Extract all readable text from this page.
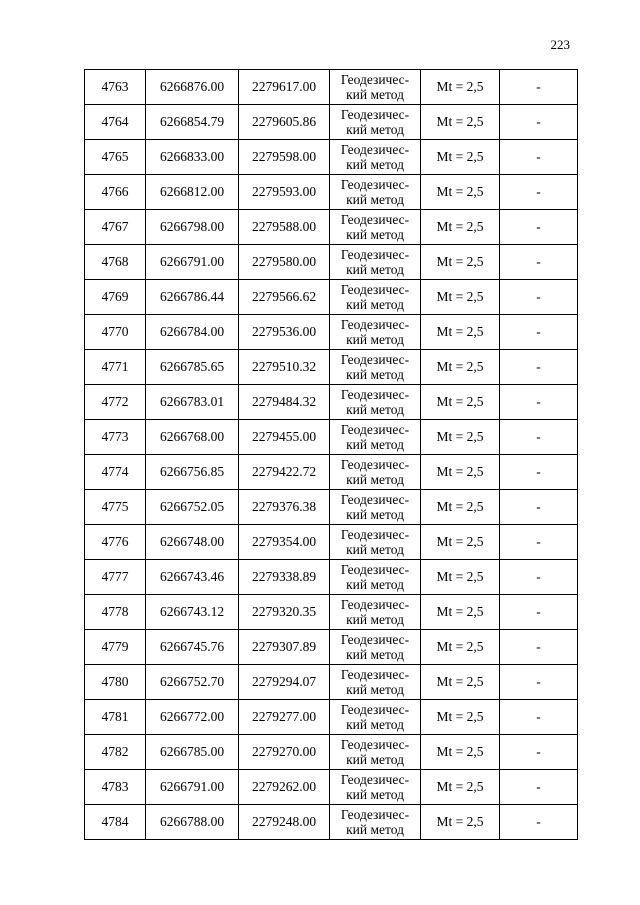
223
4763	6266876.00	2279617.00	Геодезичес-
кий метод	Mt = 2,5	-
4764	6266854.79	2279605.86	Геодезичес-
кий метод	Mt = 2,5	-
4765	6266833.00	2279598.00	Геодезичес-
кий метод	Mt = 2,5	-
4766	6266812.00	2279593.00	Геодезичес-
кий метод	Mt = 2,5	-
4767	6266798.00	2279588.00	Геодезичес-
кий метод	Mt = 2,5	-
4768	6266791.00	2279580.00	Геодезичес-
кий метод	Mt = 2,5	-
4769	6266786.44	2279566.62	Геодезичес-
кий метод	Mt = 2,5	-
4770	6266784.00	2279536.00	Геодезичес-
кий метод	Mt = 2,5	-
4771	6266785.65	2279510.32	Геодезичес-
кий метод	Mt = 2,5	-
4772	6266783.01	2279484.32	Геодезичес-
кий метод	Mt = 2,5	-
4773	6266768.00	2279455.00	Геодезичес-
кий метод	Mt = 2,5	-
4774	6266756.85	2279422.72	Геодезичес-
кий метод	Mt = 2,5	-
4775	6266752.05	2279376.38	Геодезичес-
кий метод	Mt = 2,5	-
4776	6266748.00	2279354.00	Геодезичес-
кий метод	Mt = 2,5	-
4777	6266743.46	2279338.89	Геодезичес-
кий метод	Mt = 2,5	-
4778	6266743.12	2279320.35	Геодезичес-
кий метод	Mt = 2,5	-
4779	6266745.76	2279307.89	Геодезичес-
кий метод	Mt = 2,5	-
4780	6266752.70	2279294.07	Геодезичес-
кий метод	Mt = 2,5	-
4781	6266772.00	2279277.00	Геодезичес-
кий метод	Mt = 2,5	-
4782	6266785.00	2279270.00	Геодезичес-
кий метод	Mt = 2,5	-
4783	6266791.00	2279262.00	Геодезичес-
кий метод	Mt = 2,5	-
4784	6266788.00	2279248.00	Геодезичес-
кий метод	Mt = 2,5	-
